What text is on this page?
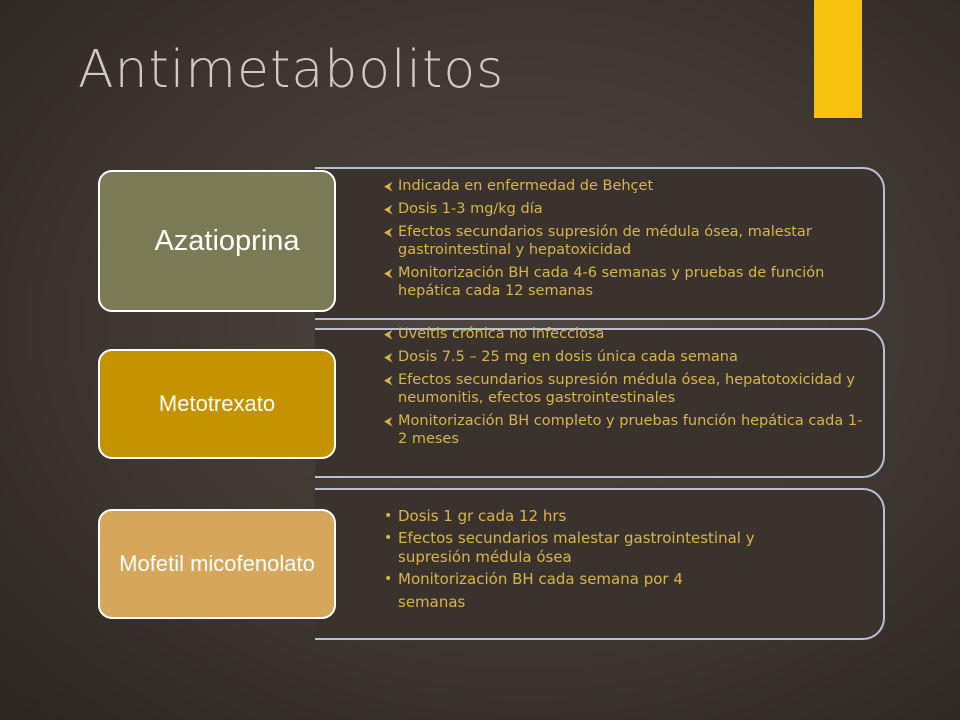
Antimetabolitos
Azatioprina
Metotrexato
Mofetil micofenolato
⮜ Indicada en enfermedad de Behçet
⮜ Dosis 1-3 mg/kg día
⮜ Efectos secundarios supresión de médula ósea, malestar gastrointestinal y hepatoxicidad
⮜ Monitorización BH cada 4-6 semanas y pruebas de función hepática cada 12 semanas
⮜ Uveítis crónica no infecciosa
⮜ Dosis 7.5 – 25 mg en dosis única cada semana
⮜ Efectos secundarios supresión médula ósea, hepatotoxicidad y neumonitis, efectos gastrointestinales
⮜ Monitorización BH completo y pruebas función hepática cada 1-2 meses
• Dosis 1 gr cada 12 hrs
• Efectos secundarios malestar gastrointestinal y supresión médula ósea
• Monitorización BH cada semana por 4
semanas
